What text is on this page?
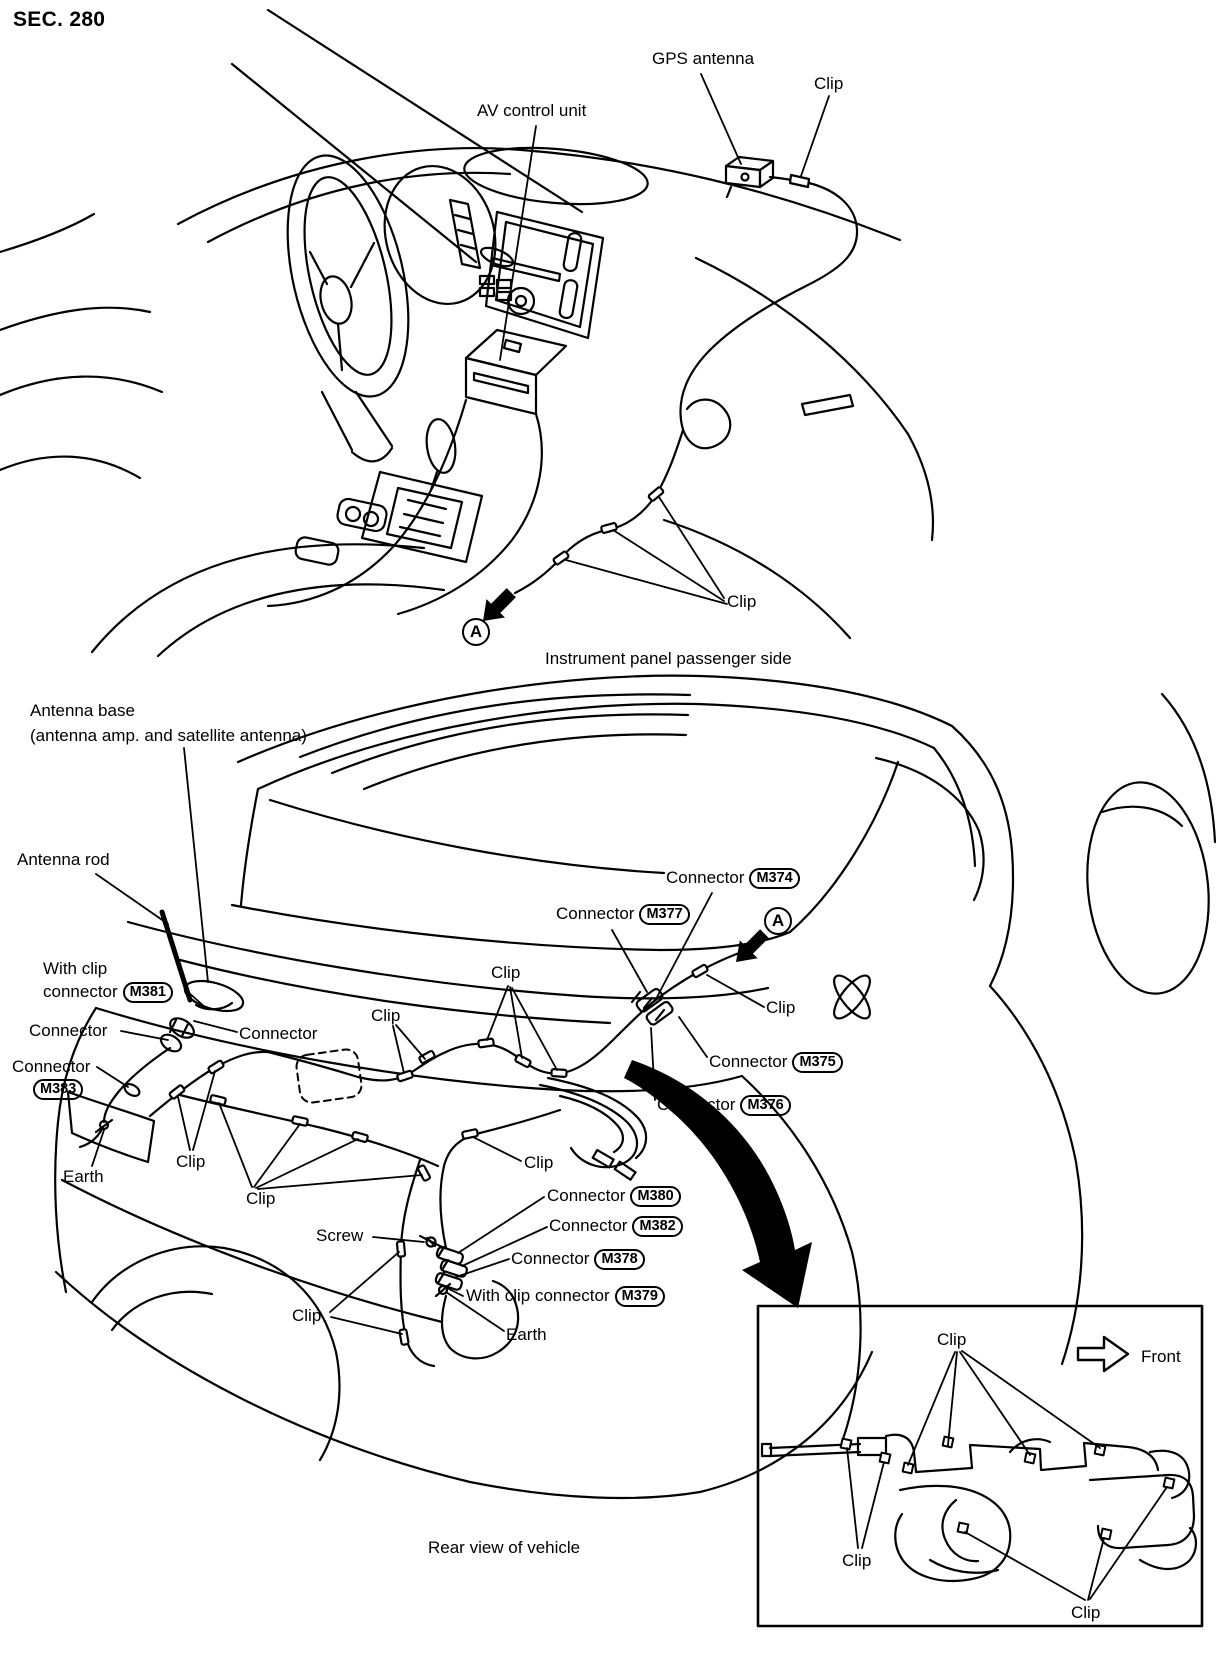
SEC. 280
AV control unit
GPS antenna
Clip
Clip
A
Instrument panel passenger side
Antenna base
(antenna amp. and satellite antenna)
Antenna rod
With clip
connector M381
Connector	Connector
Connector
M383
Earth
Clip
Clip
Clip
Clip
Connector M377
Connector M374
A
Clip
Connector M375
Connector M376
Clip
Connector M380
Connector M382
Connector M378
With clip connector M379
Screw
Clip
Earth
Rear view of vehicle
Clip
Front
Clip
Clip
